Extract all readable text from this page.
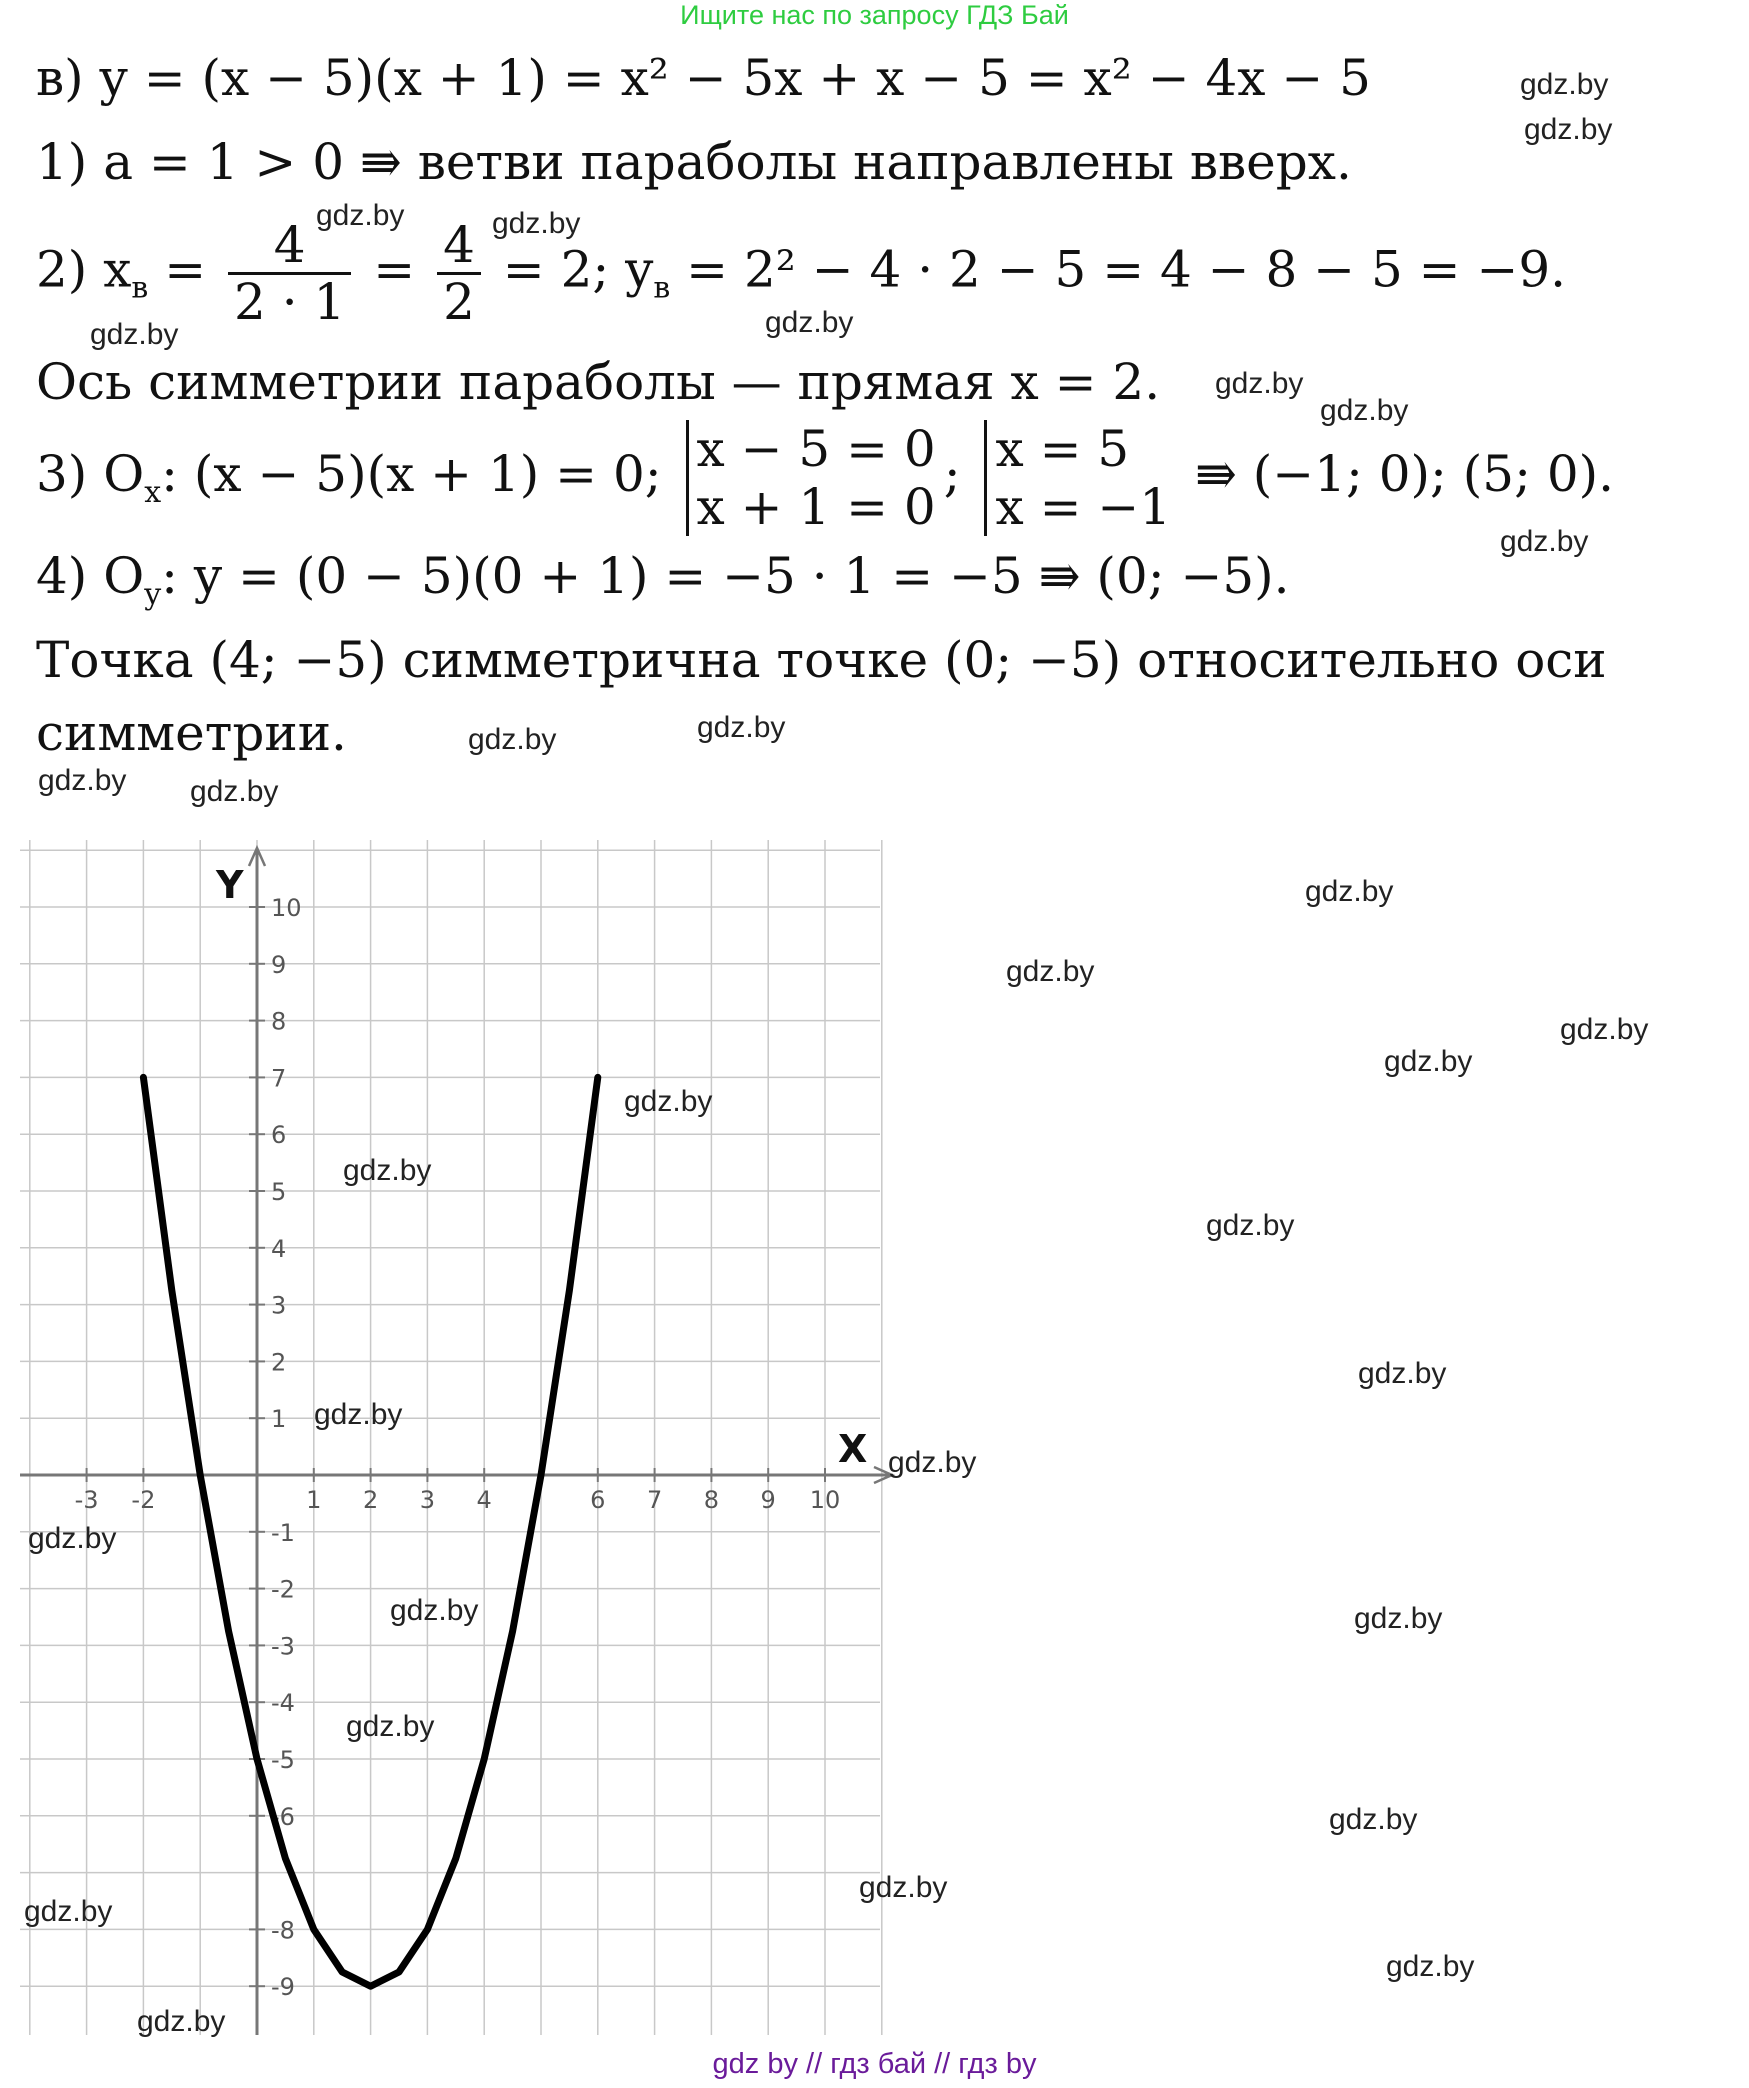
Ищите нас по запросу ГДЗ Бай
в) y = (x − 5)(x + 1) = x² − 5x + x − 5 = x² − 4x − 5
1) a = 1 > 0 ⇛ ветви параболы направлены вверх.
2) $x_в = \frac{4}{2 \cdot 1} = \frac{4}{2} = 2$; $y_в = 2^2 - 4 \cdot 2 - 5 = 4 - 8 - 5 = -9$.
Ось симметрии параболы — прямая x = 2.
3) $O_x$: (x − 5)(x + 1) = 0; x − 5 = 0
x + 1 = 0
; x = 5
x = −1
⇛ (−1; 0); (5; 0).
4) $O_y$: y = (0 − 5)(0 + 1) = −5 · 1 = −5 ⇛ (0; −5).
Точка (4; −5) симметрична точке (0; −5) относительно оси
симметрии.
-3 -2	1 2 3 4	6 7 8 9 10
10
9
8
7
6
5
4
3
2
1
-1
-2
-3
-4
-5
-6
-8
-9
Y
X
gdz.by
gdz.by
gdz.by	gdz.by
gdz.by	gdz.by
gdz.by
gdz.by
gdz.by
gdz.by	gdz.by
gdz.by gdz.by
gdz.by
gdz.by
gdz.by
gdz.by
gdz.by
gdz.by
gdz.by
gdz.by
gdz.by
gdz.by
gdz.by
gdz.by	gdz.by
gdz.by
gdz.by
gdz.by
gdz.by
gdz.by
gdz.by
gdz by // гдз бай // гдз by
